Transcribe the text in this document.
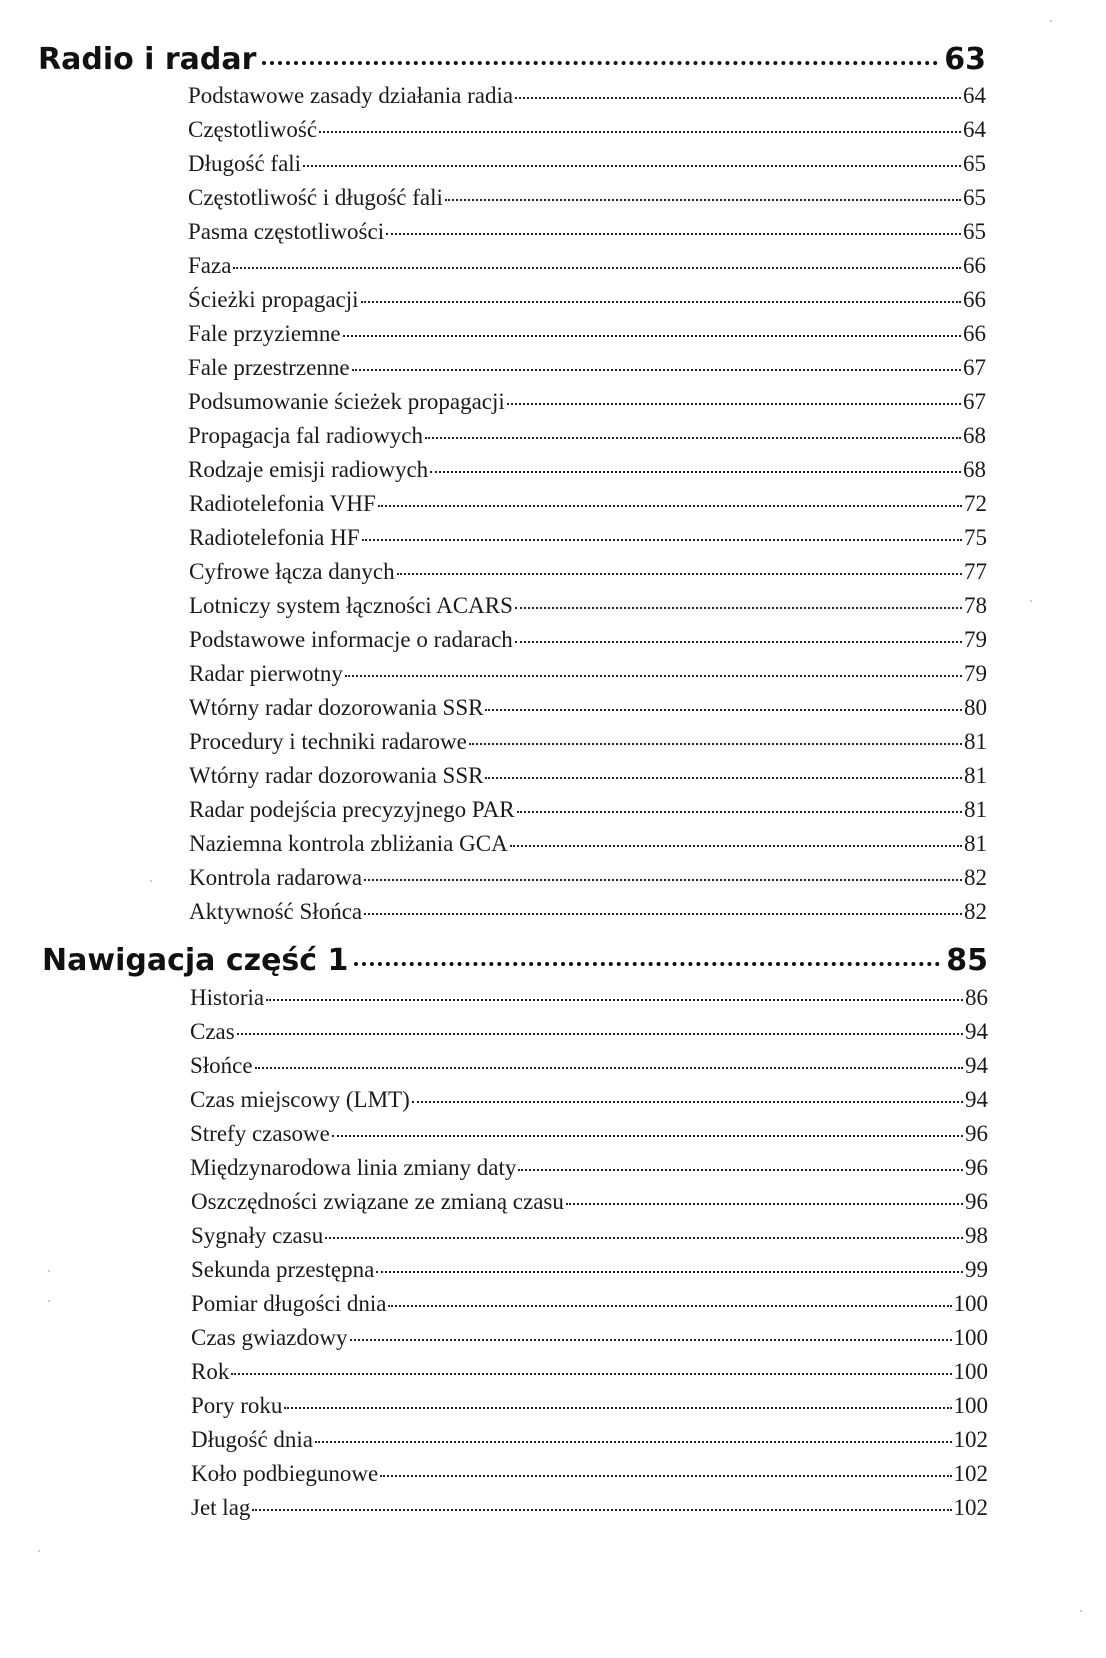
Radio i radar	63
Podstawowe zasady działania radia	64
Częstotliwość	64
Długość fali	65
Częstotliwość i długość fali	65
Pasma częstotliwości	65
Faza	66
Ścieżki propagacji	66
Fale przyziemne	66
Fale przestrzenne	67
Podsumowanie ścieżek propagacji	67
Propagacja fal radiowych	68
Rodzaje emisji radiowych	68
Radiotelefonia VHF	72
Radiotelefonia HF	75
Cyfrowe łącza danych	77
Lotniczy system łączności ACARS	78
Podstawowe informacje o radarach	79
Radar pierwotny	79
Wtórny radar dozorowania SSR	80
Procedury i techniki radarowe	81
Wtórny radar dozorowania SSR	81
Radar podejścia precyzyjnego PAR	81
Naziemna kontrola zbliżania GCA	81
Kontrola radarowa	82
Aktywność Słońca	82
Nawigacja część 1	85
Historia	86
Czas	94
Słońce	94
Czas miejscowy (LMT)	94
Strefy czasowe	96
Międzynarodowa linia zmiany daty	96
Oszczędności związane ze zmianą czasu	96
Sygnały czasu	98
Sekunda przestępna	99
Pomiar długości dnia	100
Czas gwiazdowy	100
Rok	100
Pory roku	100
Długość dnia	102
Koło podbiegunowe	102
Jet lag	102
